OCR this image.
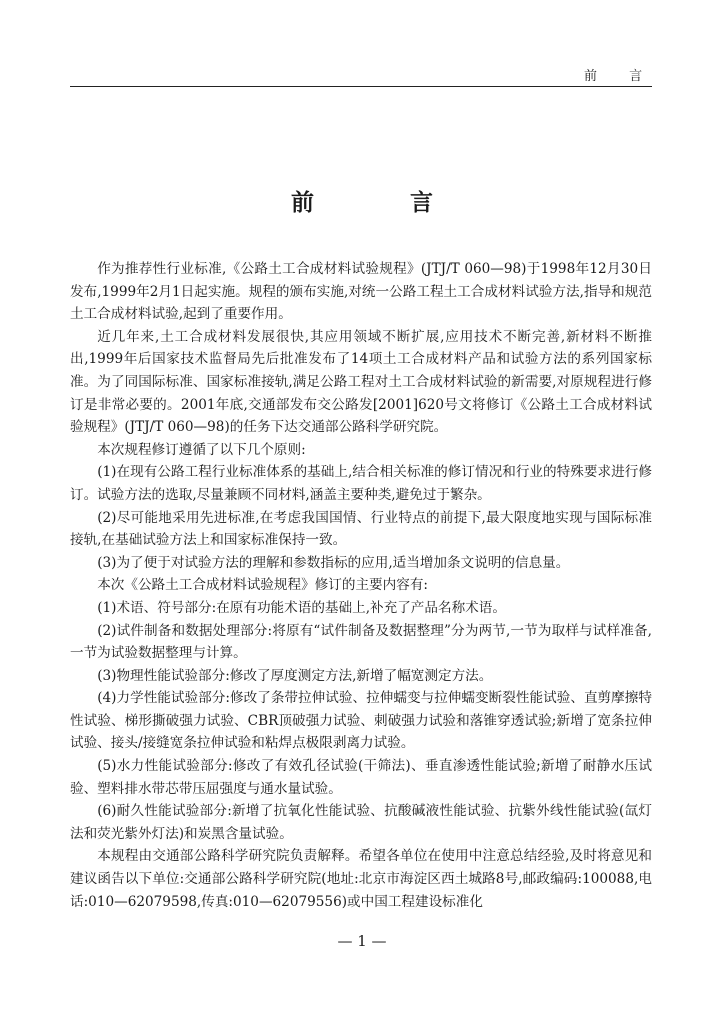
前 言
前 言

作为推荐性行业标准,《公路土工合成材料试验规程》(JTJ/T 060—98)于1998年12月30日发布,1999年2月1日起实施。规程的颁布实施,对统一公路工程土工合成材料试验方法,指导和规范土工合成材料试验,起到了重要作用。

近几年来,土工合成材料发展很快,其应用领域不断扩展,应用技术不断完善,新材料不断推出,1999年后国家技术监督局先后批准发布了14项土工合成材料产品和试验方法的系列国家标准。为了同国际标准、国家标准接轨,满足公路工程对土工合成材料试验的新需要,对原规程进行修订是非常必要的。2001年底,交通部发布交公路发[2001]620号文将修订《公路土工合成材料试验规程》(JTJ/T 060—98)的任务下达交通部公路科学研究院。

本次规程修订遵循了以下几个原则:

(1)在现有公路工程行业标准体系的基础上,结合相关标准的修订情况和行业的特殊要求进行修订。试验方法的选取,尽量兼顾不同材料,涵盖主要种类,避免过于繁杂。

(2)尽可能地采用先进标准,在考虑我国国情、行业特点的前提下,最大限度地实现与国际标准接轨,在基础试验方法上和国家标准保持一致。

(3)为了便于对试验方法的理解和参数指标的应用,适当增加条文说明的信息量。

本次《公路土工合成材料试验规程》修订的主要内容有:

(1)术语、符号部分:在原有功能术语的基础上,补充了产品名称术语。

(2)试件制备和数据处理部分:将原有“试件制备及数据整理”分为两节,一节为取样与试样准备,一节为试验数据整理与计算。

(3)物理性能试验部分:修改了厚度测定方法,新增了幅宽测定方法。

(4)力学性能试验部分:修改了条带拉伸试验、拉伸蠕变与拉伸蠕变断裂性能试验、直剪摩擦特性试验、梯形撕破强力试验、CBR顶破强力试验、刺破强力试验和落锥穿透试验;新增了宽条拉伸试验、接头/接缝宽条拉伸试验和粘焊点极限剥离力试验。

(5)水力性能试验部分:修改了有效孔径试验(干筛法)、垂直渗透性能试验;新增了耐静水压试验、塑料排水带芯带压屈强度与通水量试验。

(6)耐久性能试验部分:新增了抗氧化性能试验、抗酸碱液性能试验、抗紫外线性能试验(氙灯法和荧光紫外灯法)和炭黑含量试验。

本规程由交通部公路科学研究院负责解释。希望各单位在使用中注意总结经验,及时将意见和建议函告以下单位:交通部公路科学研究院(地址:北京市海淀区西土城路8号,邮政编码:100088,电话:010—62079598,传真:010—62079556)或中国工程建设标准化

— 1 —
